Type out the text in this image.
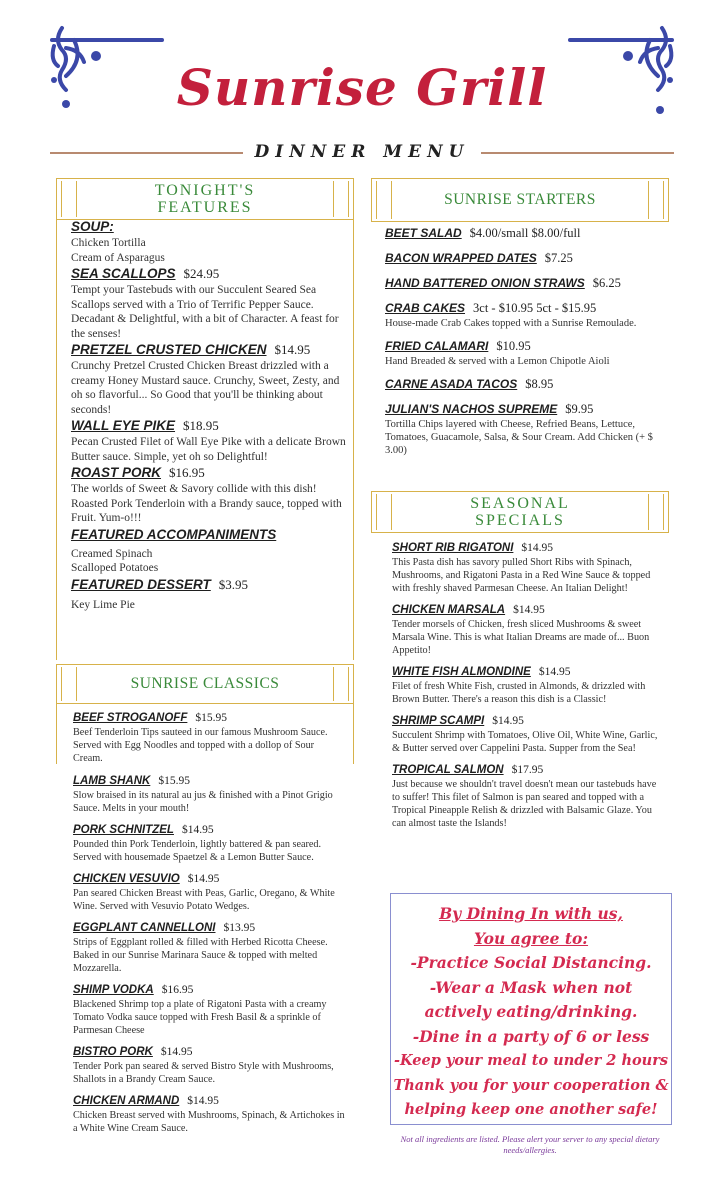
Sunrise Grill
DINNER MENU
TONIGHT'S
FEATURES
SOUP:
Chicken Tortilla
Cream of Asparagus
SEA SCALLOPS $24.95
Tempt your Tastebuds with our Succulent Seared Sea Scallops served with a Trio of Terrific Pepper Sauce. Decadant & Delightful, with a bit of Character. A feast for the senses!
PRETZEL CRUSTED CHICKEN $14.95
Crunchy Pretzel Crusted Chicken Breast drizzled with a creamy Honey Mustard sauce. Crunchy, Sweet, Zesty, and oh so flavorful... So Good that you'll be thinking about seconds!
WALL EYE PIKE $18.95
Pecan Crusted Filet of Wall Eye Pike with a delicate Brown Butter sauce. Simple, yet oh so Delightful!
ROAST PORK $16.95
The worlds of Sweet & Savory collide with this dish! Roasted Pork Tenderloin with a Brandy sauce, topped with Fruit. Yum-o!!!
FEATURED ACCOMPANIMENTS
Creamed Spinach
Scalloped Potatoes
FEATURED DESSERT $3.95
Key Lime Pie
SUNRISE CLASSICS
BEEF STROGANOFF $15.95
Beef Tenderloin Tips sauteed in our famous Mushroom Sauce. Served with Egg Noodles and topped with a dollop of Sour Cream.
LAMB SHANK $15.95
Slow braised in its natural au jus & finished with a Pinot Grigio Sauce. Melts in your mouth!
PORK SCHNITZEL $14.95
Pounded thin Pork Tenderloin, lightly battered & pan seared. Served with housemade Spaetzel & a Lemon Butter Sauce.
CHICKEN VESUVIO $14.95
Pan seared Chicken Breast with Peas, Garlic, Oregano, & White Wine. Served with Vesuvio Potato Wedges.
EGGPLANT CANNELLONI $13.95
Strips of Eggplant rolled & filled with Herbed Ricotta Cheese. Baked in our Sunrise Marinara Sauce & topped with melted Mozzarella.
SHIMP VODKA $16.95
Blackened Shrimp top a plate of Rigatoni Pasta with a creamy Tomato Vodka sauce topped with Fresh Basil & a sprinkle of Parmesan Cheese
BISTRO PORK $14.95
Tender Pork pan seared & served Bistro Style with Mushrooms, Shallots in a Brandy Cream Sauce.
CHICKEN ARMAND $14.95
Chicken Breast served with Mushrooms, Spinach, & Artichokes in a White Wine Cream Sauce.
SUNRISE STARTERS
BEET SALAD $4.00/small $8.00/full
BACON WRAPPED DATES $7.25
HAND BATTERED ONION STRAWS $6.25
CRAB CAKES 3ct - $10.95 5ct - $15.95
House-made Crab Cakes topped with a Sunrise Remoulade.
FRIED CALAMARI $10.95
Hand Breaded & served with a Lemon Chipotle Aioli
CARNE ASADA TACOS $8.95
JULIAN'S NACHOS SUPREME $9.95
Tortilla Chips layered with Cheese, Refried Beans, Lettuce, Tomatoes, Guacamole, Salsa, & Sour Cream. Add Chicken (+ $ 3.00)
SEASONAL
SPECIALS
SHORT RIB RIGATONI $14.95
This Pasta dish has savory pulled Short Ribs with Spinach, Mushrooms, and Rigatoni Pasta in a Red Wine Sauce & topped with freshly shaved Parmesan Cheese. An Italian Delight!
CHICKEN MARSALA $14.95
Tender morsels of Chicken, fresh sliced Mushrooms & sweet Marsala Wine. This is what Italian Dreams are made of... Buon Appetito!
WHITE FISH ALMONDINE $14.95
Filet of fresh White Fish, crusted in Almonds, & drizzled with Brown Butter. There's a reason this dish is a Classic!
SHRIMP SCAMPI $14.95
Succulent Shrimp with Tomatoes, Olive Oil, White Wine, Garlic, & Butter served over Cappelini Pasta. Supper from the Sea!
TROPICAL SALMON $17.95
Just because we shouldn't travel doesn't mean our tastebuds have to suffer! This filet of Salmon is pan seared and topped with a Tropical Pineapple Relish & drizzled with Balsamic Glaze. You can almost taste the Islands!
By Dining In with us,
You agree to:
-Practice Social Distancing.
-Wear a Mask when not
actively eating/drinking.
-Dine in a party of 6 or less
-Keep your meal to under 2 hours
Thank you for your cooperation &
helping keep one another safe!
Not all ingredients are listed. Please alert your server to any special dietary needs/allergies.
